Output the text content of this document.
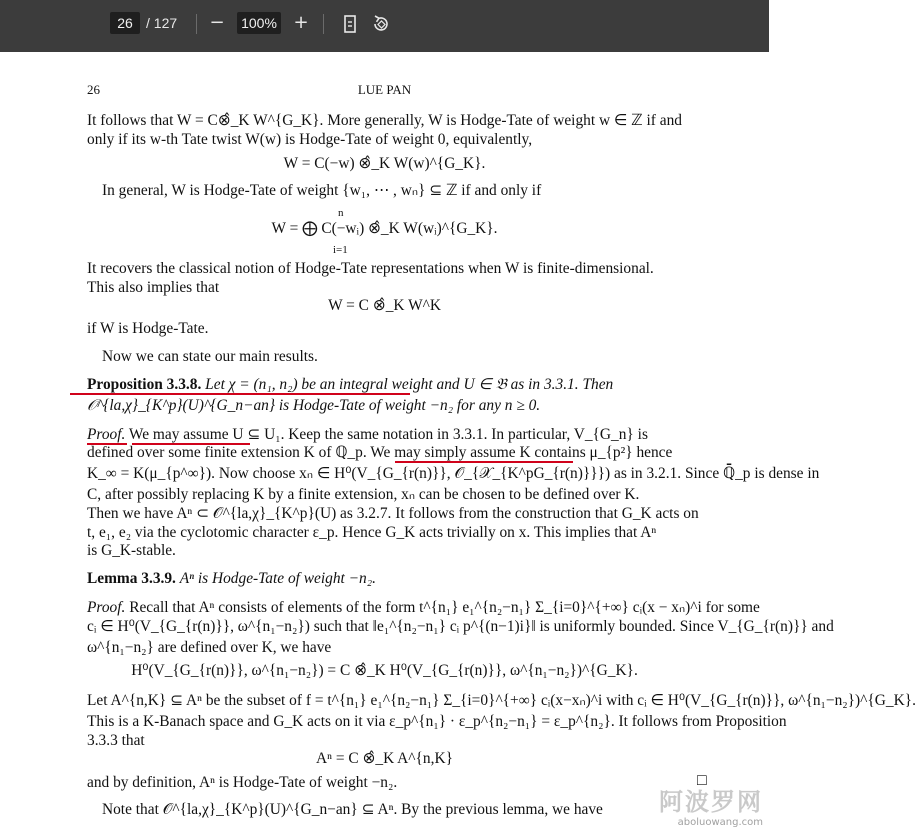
26 / 127	−	100% +
26	LUE PAN
It follows that W = C⊗̂_K W^{G_K}. More generally, W is Hodge-Tate of weight w ∈ ℤ if and
only if its w-th Tate twist W(w) is Hodge-Tate of weight 0, equivalently,
W = C(−w) ⊗̂_K W(w)^{G_K}.
In general, W is Hodge-Tate of weight {w₁, ⋯ , wₙ} ⊆ ℤ if and only if
n
W = ⨁ C(−wᵢ) ⊗̂_K W(wᵢ)^{G_K}.
i=1
It recovers the classical notion of Hodge-Tate representations when W is finite-dimensional.
This also implies that
W = C ⊗̂_K W^K
if W is Hodge-Tate.
Now we can state our main results.
Proposition 3.3.8. Let χ = (n₁, n₂) be an integral weight and U ∈ 𝔅 as in 3.3.1. Then
𝒪^{la,χ}_{K^p}(U)^{G_n−an} is Hodge-Tate of weight −n₂ for any n ≥ 0.
Proof. We may assume U ⊆ U₁. Keep the same notation in 3.3.1. In particular, V_{G_n} is
defined over some finite extension K of ℚ_p. We may simply assume K contains μ_{p²} hence
K_∞ = K(μ_{p^∞}). Now choose xₙ ∈ H⁰(V_{G_{r(n)}}, 𝒪_{𝒳_{K^pG_{r(n)}}}) as in 3.2.1. Since ℚ̄_p is dense in
C, after possibly replacing K by a finite extension, xₙ can be chosen to be defined over K.
Then we have Aⁿ ⊂ 𝒪^{la,χ}_{K^p}(U) as 3.2.7. It follows from the construction that G_K acts on
t, e₁, e₂ via the cyclotomic character ε_p. Hence G_K acts trivially on x. This implies that Aⁿ
is G_K-stable.
Lemma 3.3.9. Aⁿ is Hodge-Tate of weight −n₂.
Proof. Recall that Aⁿ consists of elements of the form t^{n₁} e₁^{n₂−n₁} Σ_{i=0}^{+∞} cᵢ(x − xₙ)^i for some
cᵢ ∈ H⁰(V_{G_{r(n)}}, ω^{n₁−n₂}) such that ‖e₁^{n₂−n₁} cᵢ p^{(n−1)i}‖ is uniformly bounded. Since V_{G_{r(n)}} and
ω^{n₁−n₂} are defined over K, we have
H⁰(V_{G_{r(n)}}, ω^{n₁−n₂}) = C ⊗̂_K H⁰(V_{G_{r(n)}}, ω^{n₁−n₂})^{G_K}.
Let A^{n,K} ⊆ Aⁿ be the subset of f = t^{n₁} e₁^{n₂−n₁} Σ_{i=0}^{+∞} cᵢ(x−xₙ)^i with cᵢ ∈ H⁰(V_{G_{r(n)}}, ω^{n₁−n₂})^{G_K}.
This is a K-Banach space and G_K acts on it via ε_p^{n₁} · ε_p^{n₂−n₁} = ε_p^{n₂}. It follows from Proposition
3.3.3 that
Aⁿ = C ⊗̂_K A^{n,K}
and by definition, Aⁿ is Hodge-Tate of weight −n₂.	□
Note that 𝒪^{la,χ}_{K^p}(U)^{G_n−an} ⊆ Aⁿ. By the previous lemma, we have 阿波罗网
aboluowang.com
